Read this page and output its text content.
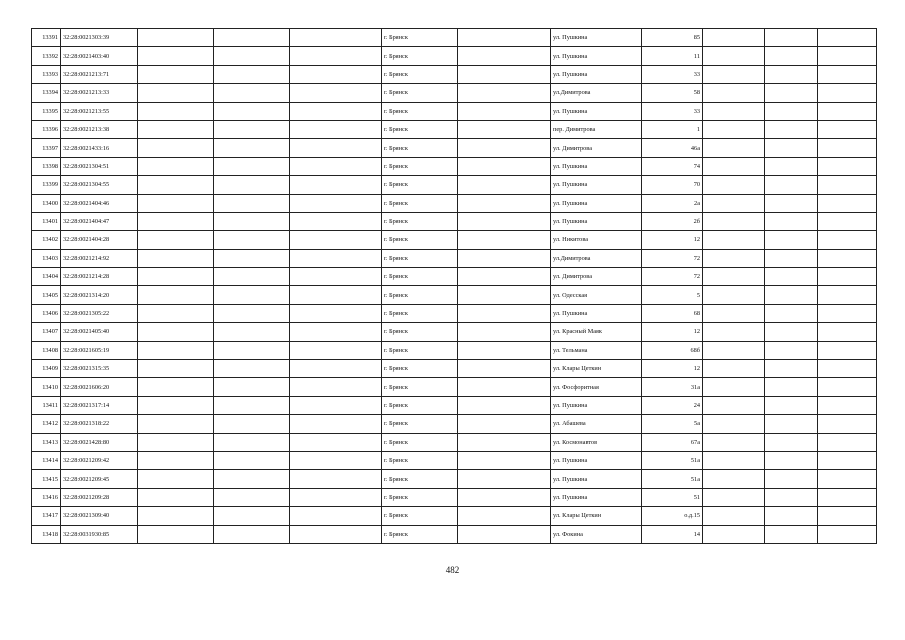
13391	32:28:0021303:39				г. Брянск		ул. Пушкина	85			
13392	32:28:0021403:40				г. Брянск		ул. Пушкина	11			
13393	32:28:0021213:71				г. Брянск		ул. Пушкина	33			
13394	32:28:0021213:33				г. Брянск		ул.Димитрова	58			
13395	32:28:0021213:55				г. Брянск		ул. Пушкина	33			
13396	32:28:0021213:38				г. Брянск		пер. Димитрова	1			
13397	32:28:0021433:16				г. Брянск		ул. Димитрова	46а			
13398	32:28:0021304:51				г. Брянск		ул. Пушкина	74			
13399	32:28:0021304:55				г. Брянск		ул. Пушкина	70			
13400	32:28:0021404:46				г. Брянск		ул. Пушкина	2а			
13401	32:28:0021404:47				г. Брянск		ул. Пушкина	2б			
13402	32:28:0021404:28				г. Брянск		ул. Никитова	12			
13403	32:28:0021214:92				г. Брянск		ул.Димитрова	72			
13404	32:28:0021214:28				г. Брянск		ул. Димитрова	72			
13405	32:28:0021314:20				г. Брянск		ул. Одесская	5			
13406	32:28:0021305:22				г. Брянск		ул. Пушкина	68			
13407	32:28:0021405:40				г. Брянск		ул. Красный Маяк	12			
13408	32:28:0021605:19				г. Брянск		ул. Тельмана	68б			
13409	32:28:0021315:35				г. Брянск		ул. Клары Цеткин	12			
13410	32:28:0021606:20				г. Брянск		ул. Фосфоритная	31а			
13411	32:28:0021317:14				г. Брянск		ул. Пушкина	24			
13412	32:28:0021318:22				г. Брянск		ул. Абашева	5а			
13413	32:28:0021428:80				г. Брянск		ул. Космонавтов	67а			
13414	32:28:0021209:42				г. Брянск		ул. Пушкина	51а			
13415	32:28:0021209:45				г. Брянск		ул. Пушкина	51а			
13416	32:28:0021209:28				г. Брянск		ул. Пушкина	51			
13417	32:28:0021309:40				г. Брянск		ул. Клары Цеткин	о.д.15			
13418	32:28:0031930:85				г. Брянск		ул. Фокина	14			
482
